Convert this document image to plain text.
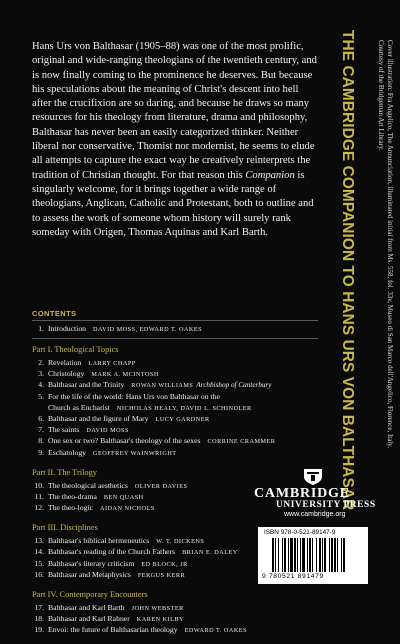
Hans Urs von Balthasar (1905–88) was one of the most prolific, original and wide-ranging theologians of the twentieth century, and is now finally coming to the prominence he deserves. But because his speculations about the meaning of Christ's descent into hell after the crucifixion are so daring, and because he draws so many resources for his theology from literature, drama and philosophy, Balthasar has never been an easily categorized thinker. Neither liberal nor conservative, Thomist nor modernist, he seems to elude all attempts to capture the exact way he creatively reinterprets the tradition of Christian thought. For that reason this Companion is singularly welcome, for it brings together a wide range of theologians, Anglican, Catholic and Protestant, both to outline and to assess the work of someone whom history will surely rank someday with Origen, Thomas Aquinas and Karl Barth.

CONTENTS
1. Introduction DAVID MOSS, EDWARD T. OAKES
Part I. Theological Topics
2. Revelation LARRY CHAPP
3. Christology MARK A. MCINTOSH
4. Balthasar and the Trinity ROWAN WILLIAMS Archbishop of Canterbury
5. For the life of the world: Hans Urs von Balthasar on the
Church as Eucharist NICHOLAS HEALY, DAVID L. SCHINDLER
6. Balthasar and the figure of Mary LUCY GARDNER
7. The saints DAVID MOSS
8. One sex or two? Balthasar's theology of the sexes CORRINE CRAMMER
9. Eschatology GEOFFREY WAINWRIGHT
Part II. The Trilogy
10. The theological aesthetics OLIVER DAVIES
11. The theo-drama BEN QUASH
12. The theo-logic AIDAN NICHOLS
Part III. Disciplines
13. Balthasar's biblical hermeneutics W. T. DICKENS
14. Balthasar's reading of the Church Fathers BRIAN E. DALEY
15. Balthasar's literary criticism ED BLOCK, JR
16. Balthasar and Metaphysics FERGUS KERR
Part IV. Contemporary Encounters
17. Balthasar and Karl Barth JOHN WEBSTER
18. Balthasar and Karl Rahner KAREN KILBY
19. Envoi: the future of Balthasarian theology EDWARD T. OAKES
THE CAMBRIDGE COMPANION TO HANS URS VON BALTHASAR	Cover illustration: Fra Angelico, The Annunciation, illuminated initial from Ms. 558, fol. 33v, Museo di San Marco dell'Angelico, Florence, Italy. Courtesy of the Bridgeman Art Library.
CAMBRIDGE
UNIVERSITY PRESS
www.cambridge.org
ISBN 978-0-521-89147-9
9 780521 891479
